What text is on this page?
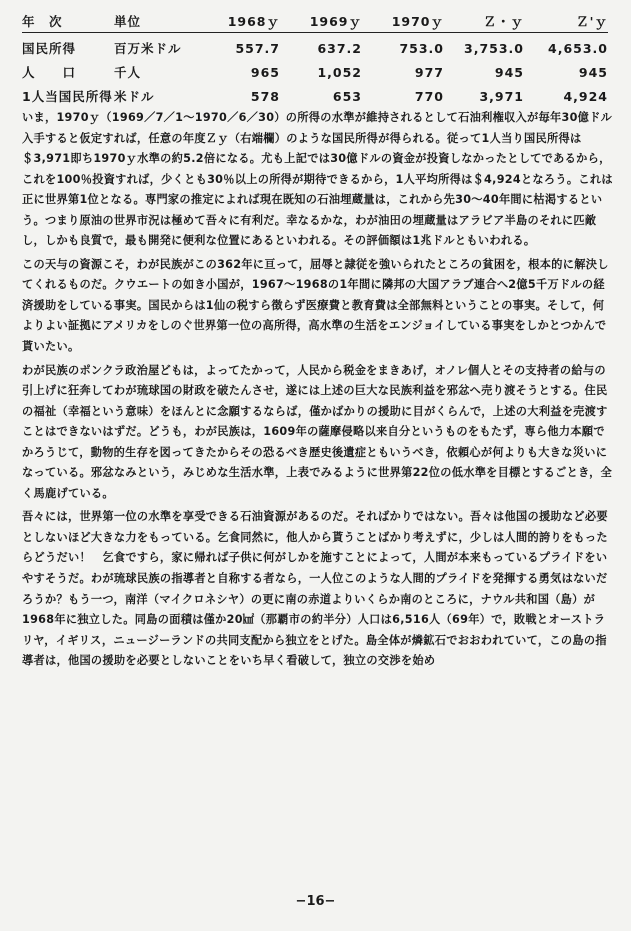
年　次	単位	1968ｙ	1969ｙ	1970ｙ	Ｚ・ｙ	Ｚ'ｙ
国民所得	百万米ドル	557.7	637.2	753.0	3,753.0	4,653.0
人　　口	千人	965	1,052	977	945	945
1人当国民所得	米ドル	578	653	770	3,971	4,924

いま，1970ｙ（1969／7／1〜1970／6／30）の所得の水準が維持されるとして石油利権収入が毎年30億ドル入手すると仮定すれば，任意の年度Ｚｙ（右端欄）のような国民所得が得られる。従って1人当り国民所得は＄3,971即ち1970ｙ水準の約5.2倍になる。尤も上記では30億ドルの資金が投資しなかったとしてであるから，これを100％投資すれば，少くとも30％以上の所得が期待できるから，1人平均所得は＄4,924となろう。これは正に世界第1位となる。専門家の推定によれば現在既知の石油埋蔵量は，これから先30〜40年間に枯渇するという。つまり原油の世界市況は極めて吾々に有利だ。幸なるかな，わが油田の埋蔵量はアラビア半島のそれに匹敵し，しかも良質で，最も開発に便利な位置にあるといわれる。その評価額は1兆ドルともいわれる。

この天与の資源こそ，わが民族がこの362年に亘って，屈辱と隷従を強いられたところの貧困を，根本的に解決してくれるものだ。クウエートの如き小国が，1967〜1968の1年間に隣邦の大国アラブ連合へ2億5千万ドルの経済援助をしている事実。国民からは1仙の税すら徴らず医療費と教育費は全部無料ということの事実。そして，何よりよい証拠にアメリカをしのぐ世界第一位の高所得，高水準の生活をエンジョイしている事実をしかとつかんで貰いたい。

わが民族のポンクラ政治屋どもは，よってたかって，人民から税金をまきあげ，オノレ個人とその支持者の給与の引上げに狂奔してわが琉球国の財政を破たんさせ，遂には上述の巨大な民族利益を邪忿へ売り渡そうとする。住民の福祉（幸福という意味）をほんとに念願するならば，僅かばかりの援助に目がくらんで，上述の大利益を売渡すことはできないはずだ。どうも，わが民族は，1609年の薩摩侵略以来自分というものをもたず，専ら他力本願でかろうじて，動物的生存を図ってきたからその恐るべき歴史後遺症ともいうべき，依頼心が何よりも大きな災いになっている。邪忿なみという，みじめな生活水準，上表でみるように世界第22位の低水準を目標とするごとき，全く馬鹿げている。

吾々には，世界第一位の水準を享受できる石油資源があるのだ。そればかりではない。吾々は他国の援助など必要としないほど大きな力をもっている。乞食同然に，他人から貰うことばかり考えずに，少しは人間的誇りをもったらどうだい！　乞食ですら，家に帰れば子供に何がしかを施すことによって，人間が本来もっているプライドをいやすそうだ。わが琉球民族の指導者と自称する者なら，一人位このような人間的プライドを発揮する勇気はないだろうか？もう一つ，南洋（マイクロネシヤ）の更に南の赤道よりいくらか南のところに，ナウル共和国（島）が1968年に独立した。同島の面積は僅か20㎢（那覇市の約半分）人口は6,516人（69年）で，敗戦とオーストラリヤ，イギリス，ニュージーランドの共同支配から独立をとげた。島全体が燐鉱石でおおわれていて，この島の指導者は，他国の援助を必要としないことをいち早く看破して，独立の交渉を始め

−16−
